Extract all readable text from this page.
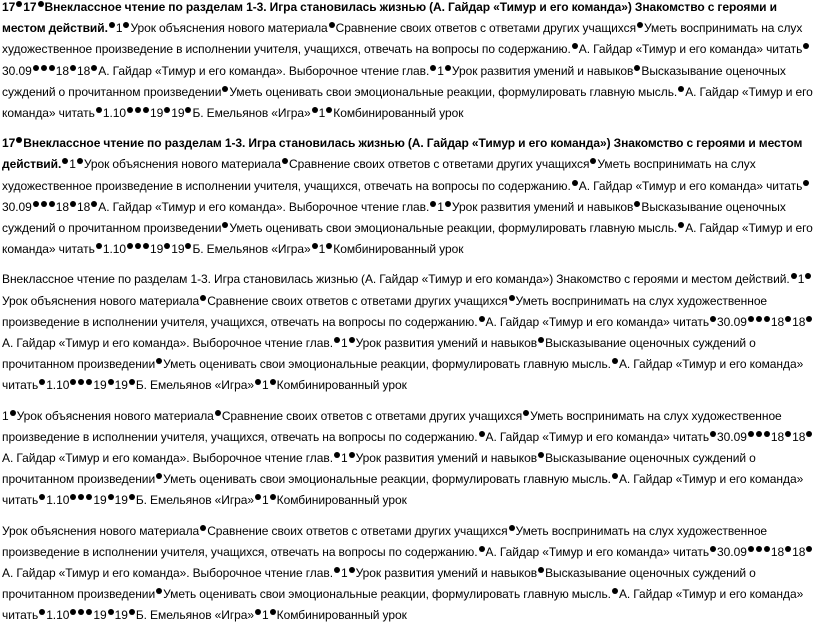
17 17 Внеклассное чтение по разделам 1-3. Игра становилась жизнью (А. Гайдар «Тимур и его команда») Знакомство с героями и местом действий. 1 Урок объяснения нового материала Сравнение своих ответов с ответами других учащихся Уметь воспринимать на слух художественное произведение в исполнении учителя, учащихся, отвечать на вопросы по содержанию. А. Гайдар «Тимур и его команда» читать30.09 18 18 А. Гайдар «Тимур и его команда». Выборочное чтение глав. 1 Урок развития умений и навыков Высказывание оценочных суждений о прочитанном произведении Уметь оценивать свои эмоциональные реакции, формулировать главную мысль. А. Гайдар «Тимур и его команда» читать 1.10 19 19 Б. Емельянов «Игра» 1 Комбинированный урок

17 Внеклассное чтение по разделам 1-3. Игра становилась жизнью (А. Гайдар «Тимур и его команда») Знакомство с героями и местом действий. 1 Урок объяснения нового материала Сравнение своих ответов с ответами других учащихся Уметь воспринимать на слух художественное произведение в исполнении учителя, учащихся, отвечать на вопросы по содержанию. А. Гайдар «Тимур и его команда» читать30.09 18 18 А. Гайдар «Тимур и его команда». Выборочное чтение глав. 1 Урок развития умений и навыков Высказывание оценочных суждений о прочитанном произведении Уметь оценивать свои эмоциональные реакции, формулировать главную мысль. А. Гайдар «Тимур и его команда» читать 1.10 19 19 Б. Емельянов «Игра» 1 Комбинированный урок

Внеклассное чтение по разделам 1-3. Игра становилась жизнью (А. Гайдар «Тимур и его команда») Знакомство с героями и местом действий. 1Урок объяснения нового материала Сравнение своих ответов с ответами других учащихся Уметь воспринимать на слух художественное произведение в исполнении учителя, учащихся, отвечать на вопросы по содержанию. А. Гайдар «Тимур и его команда» читать 30.09 18 18А. Гайдар «Тимур и его команда». Выборочное чтение глав. 1 Урок развития умений и навыков Высказывание оценочных суждений о прочитанном произведении Уметь оценивать свои эмоциональные реакции, формулировать главную мысль. А. Гайдар «Тимур и его команда» читать 1.10 19 19 Б. Емельянов «Игра» 1 Комбинированный урок

1 Урок объяснения нового материала Сравнение своих ответов с ответами других учащихся Уметь воспринимать на слух художественное произведение в исполнении учителя, учащихся, отвечать на вопросы по содержанию. А. Гайдар «Тимур и его команда» читать 30.09 18 18А. Гайдар «Тимур и его команда». Выборочное чтение глав. 1 Урок развития умений и навыков Высказывание оценочных суждений о прочитанном произведении Уметь оценивать свои эмоциональные реакции, формулировать главную мысль. А. Гайдар «Тимур и его команда» читать 1.10 19 19 Б. Емельянов «Игра» 1 Комбинированный урок

Урок объяснения нового материала Сравнение своих ответов с ответами других учащихся Уметь воспринимать на слух художественное произведение в исполнении учителя, учащихся, отвечать на вопросы по содержанию. А. Гайдар «Тимур и его команда» читать 30.09 18 18А. Гайдар «Тимур и его команда». Выборочное чтение глав. 1 Урок развития умений и навыков Высказывание оценочных суждений о прочитанном произведении Уметь оценивать свои эмоциональные реакции, формулировать главную мысль. А. Гайдар «Тимур и его команда» читать 1.10 19 19 Б. Емельянов «Игра» 1 Комбинированный урок
